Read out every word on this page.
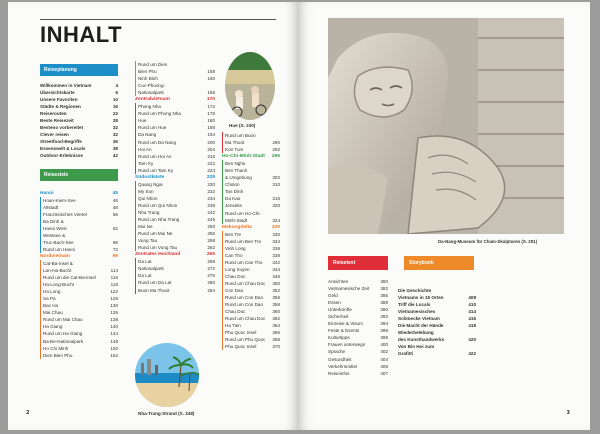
INHALT
Reiseplanung
Willkommen in Vietnam	4
Übersichtskarte	6
Unsere Favoriten	10
Städte & Regionen	16
Reiserouten	22
Beste Reisezeit	28
Besteno vorbereitet	32
Clever reisen	32
Streetfood-Begriffe	36
Essenswelt & Locals	38
Outdoor-Erlebnisse	42
Reiseziele
Hanoi	45
Hoan-Kiem-See	46
Altstadt	48
Französisches Viertel	56
Ba Dinh &
Hanoi West	62
Westsee &
Truc-Bach-See	68
Rund um Hanoi	72
Nordvietnam	99
Cat-Ba-Insel &
Lan-Ha-Bucht	114
Rund um die Cat-Ba-Insel	116
Ha-Long-Bucht	118
Ha Long	122
Sa Pa	126
Bac Ha	130
Mai Chau	135
Rund um Mai Chau	138
Ha Giang	140
Rund um Ha Giang	144
Ba-Be-Nationalpark	148
Ho Chi Minh	150
Dien Bien Phu	152
Rund um Dien
Bien Phu	158
Ninh Binh	160
Cuc-Phuong-
Nationalpark	166
Zentralvietnam	170
Phong Nha	172
Rund um Phong Nha	176
Hue	180
Rund um Hue	188
Da Nang	194
Rund um Da Nang	200
Hoi An	204
Rund um Hoi An	216
Tam Ky	222
Rund um Tam Ky	224
Südostküste	228
Quang Ngai	230
My Son	232
Qui Nhon	234
Rund um Qui Nhon	238
Nha Trang	242
Rund um Nha Trang	248
Mui Ne	250
Rund um Mui Ne	255
Vung Tau	258
Rund um Vung Tau	262
Zentrales Hochland	265
Da Lat	268
Nationalpark	272
Da Lat	276
Rund um Da Lat	280
Buon Ma Thuot	284
Rund um Buon
Ma Thuot	290
Kon Tum	292
Ho-Chi-Minh-Stadt 295
Ben Nghe
Ben Thanh
& Umgebung	302
Cholon	310
Tan Dinh
Da Kao	316
Jenseits	320
Rund um Ho-Chi-
Minh-Stadt	324
Mekongdelta	329
Ben Tre	330
Rund um Ben Tre 334
Vinh Long	336
Can Tho	338
Rund um Can Tho 342
Long Xuyen	344
Chau Doc	346
Rund um Chau Doc 350
Con Dao	352
Rund um Con Dao 356
Rund um Con Dao 358
Chau Doc	360
Rund um Chau Doc 362
Ha Tien	364
Phu Quoc Insel	366
Rund um Phu Quoc 368
Phu Quoc Insel	370
Hue (S. 230)
Nha-Trang-Strand (S. 248)
2
Da-Nang-Museum für Cham-Skulpturen (S. 201)
Reisetext	Storybook
Ansichten	380
Vietnamesische Zeit 382
Geld	386
Essen	388
Unterkünfte	390
Sicherheit	392
Einreise & Visum	394
Feste & Events	396
Kulturtipps	398
Frauen unterwegs	400
Sprache	402
Gesundheit	404
Verkehrsmittel	406
Reiseinfos	407
Die Geschichte
Vietnams in 15 Orten	408
Triff die Locals	410
Vietnamesisches	414
Schmecke Vietnam	416
Die Macht der Hände	418
Wiederbelebung
des Kunsthandwerks	420
Von Bin Hoi zum
Grafitti	422
3
